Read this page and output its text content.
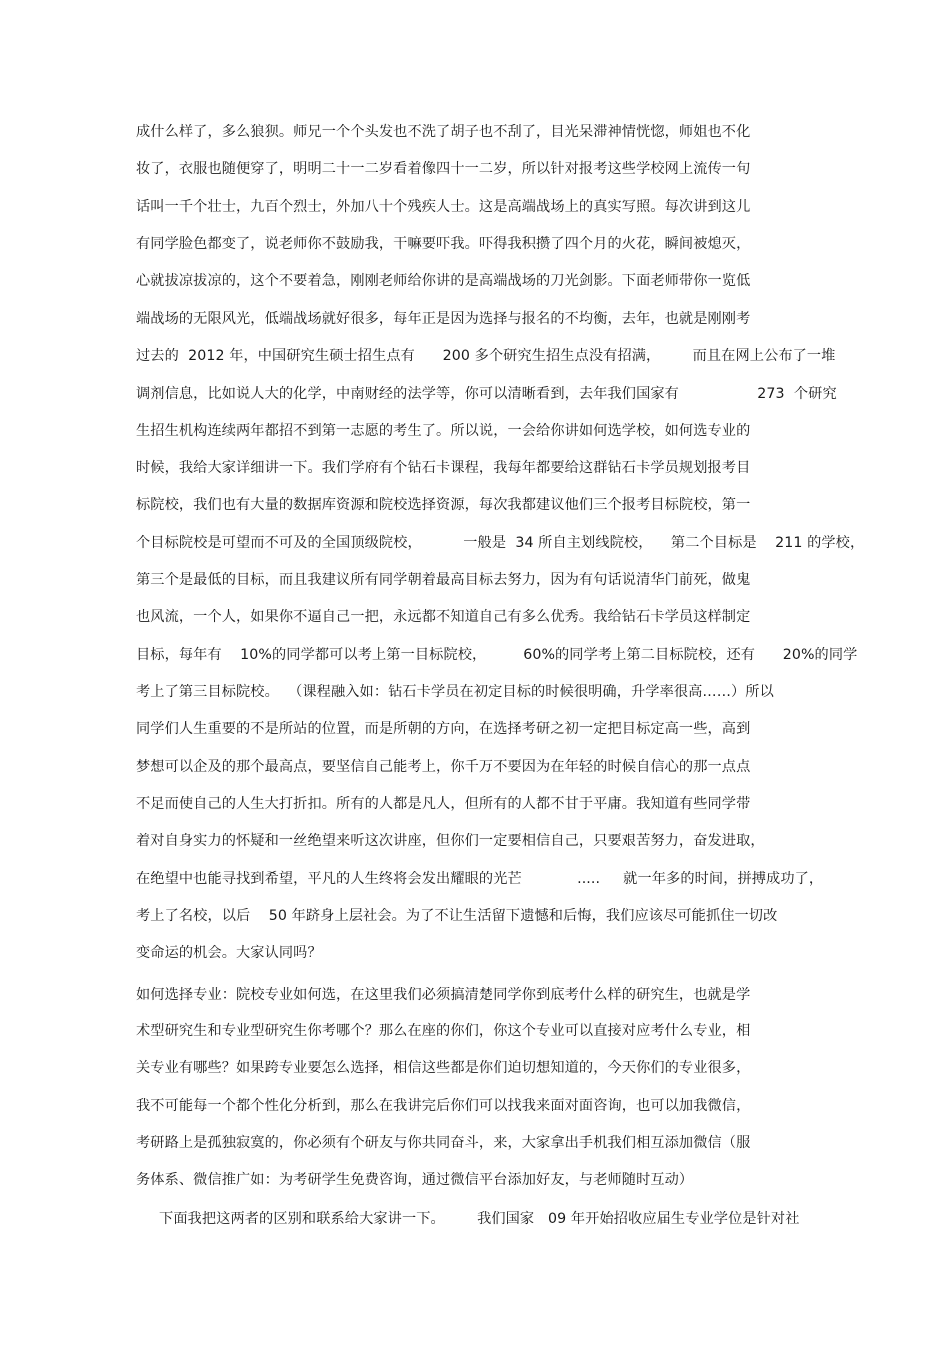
成什么样了，多么狼狈。师兄一个个头发也不洗了胡子也不刮了，目光呆滞神情恍惚，师姐也不化
妆了，衣服也随便穿了，明明二十一二岁看着像四十一二岁，所以针对报考这些学校网上流传一句
话叫一千个壮士，九百个烈士，外加八十个残疾人士。这是高端战场上的真实写照。每次讲到这儿
有同学脸色都变了，说老师你不鼓励我，干嘛要吓我。吓得我积攒了四个月的火花，瞬间被熄灭，
心就拔凉拔凉的，这个不要着急，刚刚老师给你讲的是高端战场的刀光剑影。下面老师带你一览低
端战场的无限风光，低端战场就好很多，每年正是因为选择与报名的不均衡，去年，也就是刚刚考
过去的  2012 年，中国研究生硕士招生点有      200 多个研究生招生点没有招满，       而且在网上公布了一堆
调剂信息，比如说人大的化学，中南财经的法学等，你可以清晰看到，去年我们国家有                 273  个研究
生招生机构连续两年都招不到第一志愿的考生了。所以说，一会给你讲如何选学校，如何选专业的
时候，我给大家详细讲一下。我们学府有个钻石卡课程，我每年都要给这群钻石卡学员规划报考目
标院校，我们也有大量的数据库资源和院校选择资源，每次我都建议他们三个报考目标院校，第一
个目标院校是可望而不可及的全国顶级院校，         一般是  34 所自主划线院校，    第二个目标是    211 的学校，
第三个是最低的目标，而且我建议所有同学朝着最高目标去努力，因为有句话说清华门前死，做鬼
也风流，一个人，如果你不逼自己一把，永远都不知道自己有多么优秀。我给钻石卡学员这样制定
目标，每年有    10%的同学都可以考上第一目标院校，        60%的同学考上第二目标院校，还有      20%的同学
考上了第三目标院校。  （课程融入如：钻石卡学员在初定目标的时候很明确，升学率很高……）所以
同学们人生重要的不是所站的位置，而是所朝的方向，在选择考研之初一定把目标定高一些，高到
梦想可以企及的那个最高点，要坚信自己能考上，你千万不要因为在年轻的时候自信心的那一点点
不足而使自己的人生大打折扣。所有的人都是凡人，但所有的人都不甘于平庸。我知道有些同学带
着对自身实力的怀疑和一丝绝望来听这次讲座，但你们一定要相信自己，只要艰苦努力，奋发进取，
在绝望中也能寻找到希望，平凡的人生终将会发出耀眼的光芒            .....     就一年多的时间，拼搏成功了，
考上了名校，以后    50 年跻身上层社会。为了不让生活留下遗憾和后悔，我们应该尽可能抓住一切改
变命运的机会。大家认同吗？
如何选择专业：院校专业如何选，在这里我们必须搞清楚同学你到底考什么样的研究生，也就是学
术型研究生和专业型研究生你考哪个？那么在座的你们，你这个专业可以直接对应考什么专业，相
关专业有哪些？如果跨专业要怎么选择，相信这些都是你们迫切想知道的，今天你们的专业很多，
我不可能每一个都个性化分析到，那么在我讲完后你们可以找我来面对面咨询，也可以加我微信，
考研路上是孤独寂寞的，你必须有个研友与你共同奋斗，来，大家拿出手机我们相互添加微信（服
务体系、微信推广如：为考研学生免费咨询，通过微信平台添加好友，与老师随时互动）
下面我把这两者的区别和联系给大家讲一下。       我们国家   09 年开始招收应届生专业学位是针对社
